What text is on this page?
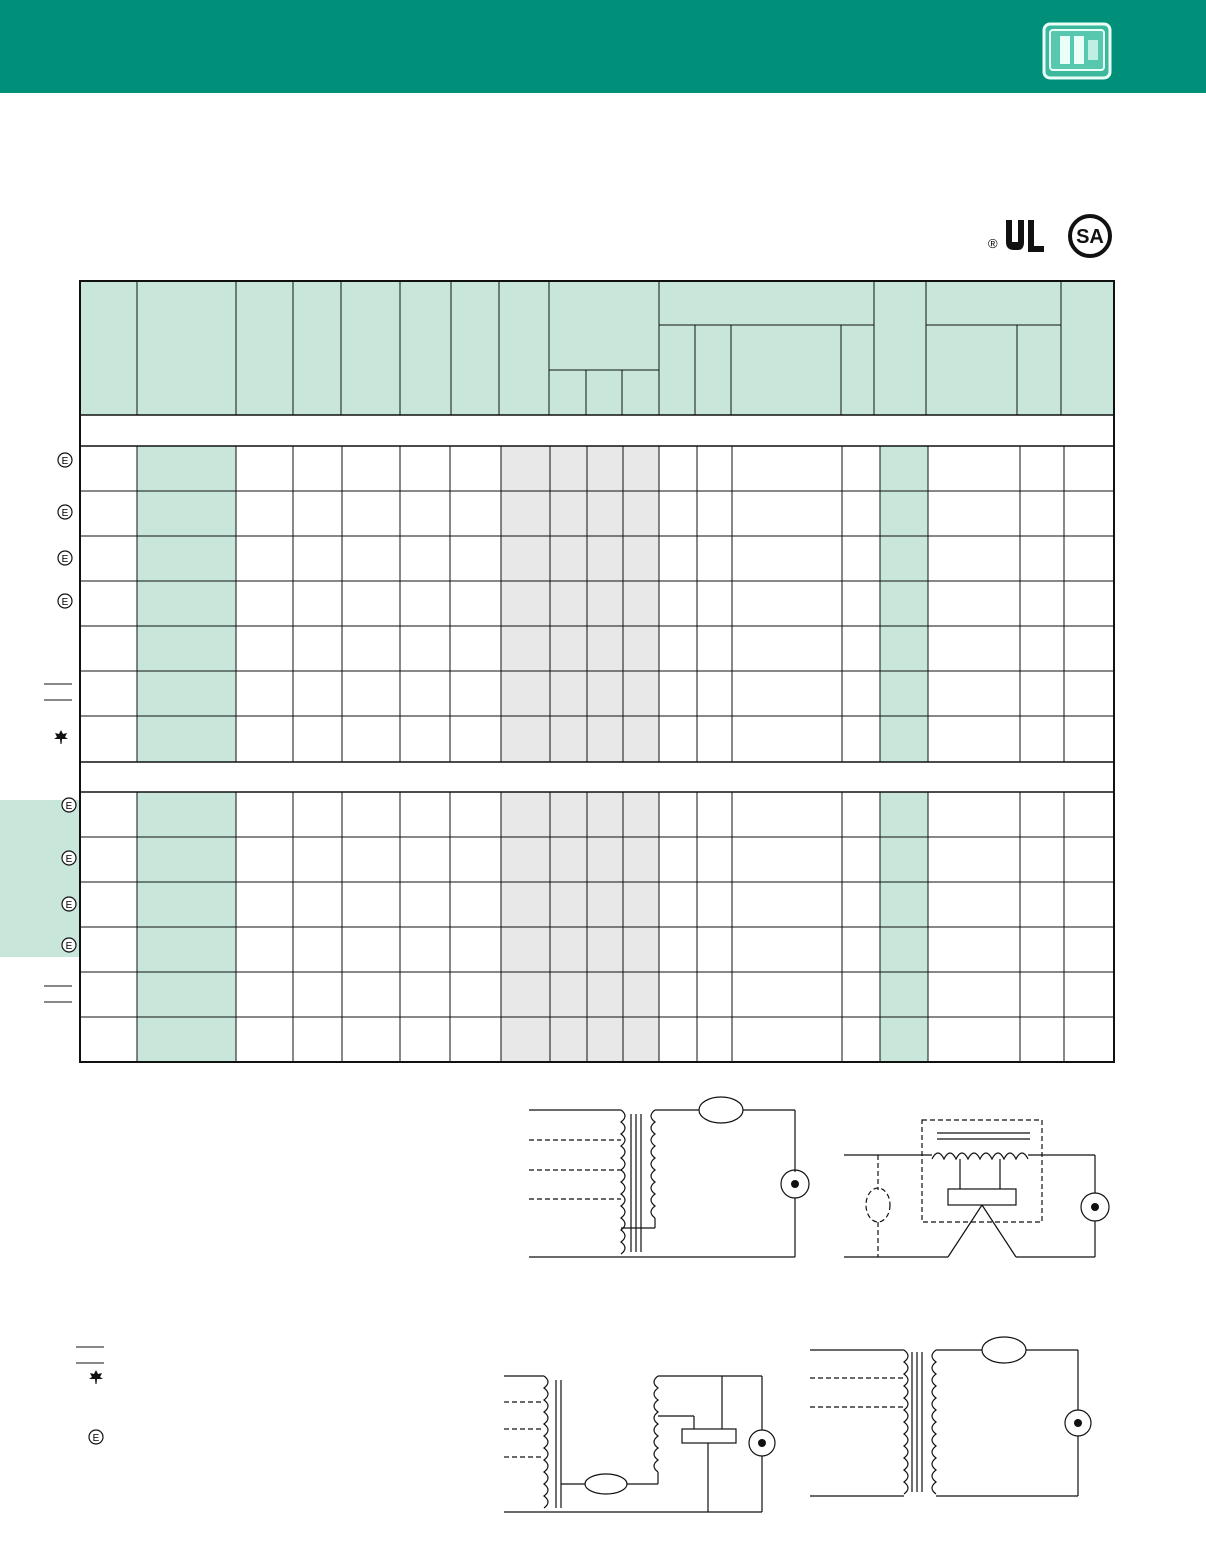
®	SA
E
E
E
E
E
E
E
E
E
